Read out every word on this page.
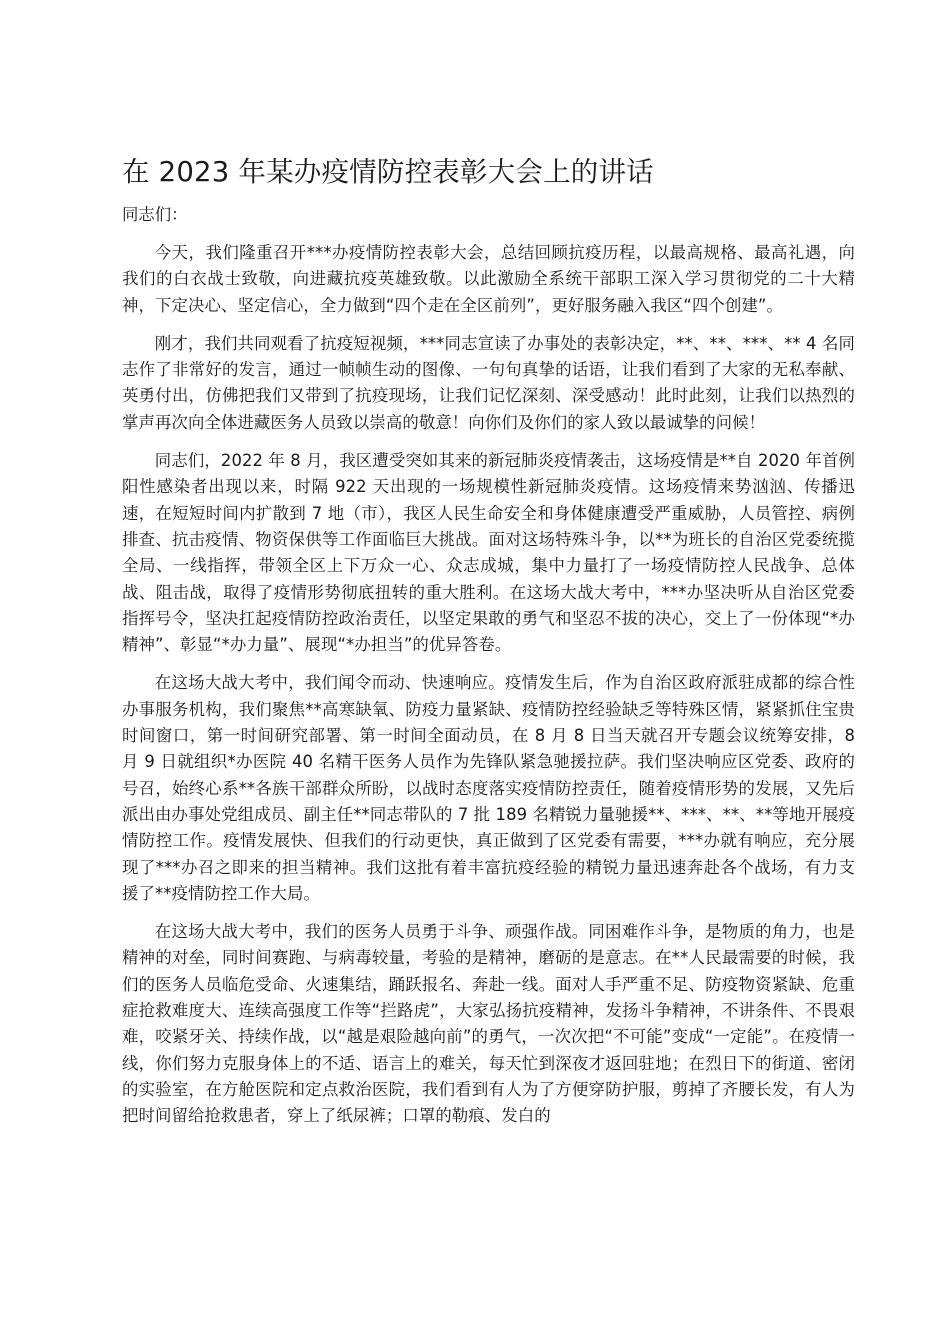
在 2023 年某办疫情防控表彰大会上的讲话

同志们：

今天，我们隆重召开***办疫情防控表彰大会，总结回顾抗疫历程，以最高规格、最高礼遇，向我们的白衣战士致敬，向进藏抗疫英雄致敬。以此激励全系统干部职工深入学习贯彻党的二十大精神，下定决心、坚定信心，全力做到“四个走在全区前列”，更好服务融入我区“四个创建”。

刚才，我们共同观看了抗疫短视频，***同志宣读了办事处的表彰决定，**、**、***、** 4 名同志作了非常好的发言，通过一帧帧生动的图像、一句句真挚的话语，让我们看到了大家的无私奉献、英勇付出，仿佛把我们又带到了抗疫现场，让我们记忆深刻、深受感动！此时此刻，让我们以热烈的掌声再次向全体进藏医务人员致以崇高的敬意！向你们及你们的家人致以最诚挚的问候！

同志们，2022 年 8 月，我区遭受突如其来的新冠肺炎疫情袭击，这场疫情是**自 2020 年首例阳性感染者出现以来，时隔 922 天出现的一场规模性新冠肺炎疫情。这场疫情来势汹汹、传播迅速，在短短时间内扩散到 7 地（市），我区人民生命安全和身体健康遭受严重威胁，人员管控、病例排查、抗击疫情、物资保供等工作面临巨大挑战。面对这场特殊斗争，以**为班长的自治区党委统揽全局、一线指挥，带领全区上下万众一心、众志成城，集中力量打了一场疫情防控人民战争、总体战、阻击战，取得了疫情形势彻底扭转的重大胜利。在这场大战大考中，***办坚决听从自治区党委指挥号令，坚决扛起疫情防控政治责任，以坚定果敢的勇气和坚忍不拔的决心，交上了一份体现“*办精神”、彰显“*办力量”、展现“*办担当”的优异答卷。

在这场大战大考中，我们闻令而动、快速响应。疫情发生后，作为自治区政府派驻成都的综合性办事服务机构，我们聚焦**高寒缺氧、防疫力量紧缺、疫情防控经验缺乏等特殊区情，紧紧抓住宝贵时间窗口，第一时间研究部署、第一时间全面动员，在 8 月 8 日当天就召开专题会议统筹安排，8 月 9 日就组织*办医院 40 名精干医务人员作为先锋队紧急驰援拉萨。我们坚决响应区党委、政府的号召，始终心系**各族干部群众所盼，以战时态度落实疫情防控责任，随着疫情形势的发展，又先后派出由办事处党组成员、副主任**同志带队的 7 批 189 名精锐力量驰援**、***、**、**等地开展疫情防控工作。疫情发展快、但我们的行动更快，真正做到了区党委有需要，***办就有响应，充分展现了***办召之即来的担当精神。我们这批有着丰富抗疫经验的精锐力量迅速奔赴各个战场，有力支援了**疫情防控工作大局。

在这场大战大考中，我们的医务人员勇于斗争、顽强作战。同困难作斗争，是物质的角力，也是精神的对垒，同时间赛跑、与病毒较量，考验的是精神，磨砺的是意志。在**人民最需要的时候，我们的医务人员临危受命、火速集结，踊跃报名、奔赴一线。面对人手严重不足、防疫物资紧缺、危重症抢救难度大、连续高强度工作等“拦路虎”，大家弘扬抗疫精神，发扬斗争精神，不讲条件、不畏艰难，咬紧牙关、持续作战，以“越是艰险越向前”的勇气，一次次把“不可能”变成“一定能”。在疫情一线，你们努力克服身体上的不适、语言上的难关，每天忙到深夜才返回驻地；在烈日下的街道、密闭的实验室，在方舱医院和定点救治医院，我们看到有人为了方便穿防护服，剪掉了齐腰长发，有人为把时间留给抢救患者，穿上了纸尿裤；口罩的勒痕、发白的
